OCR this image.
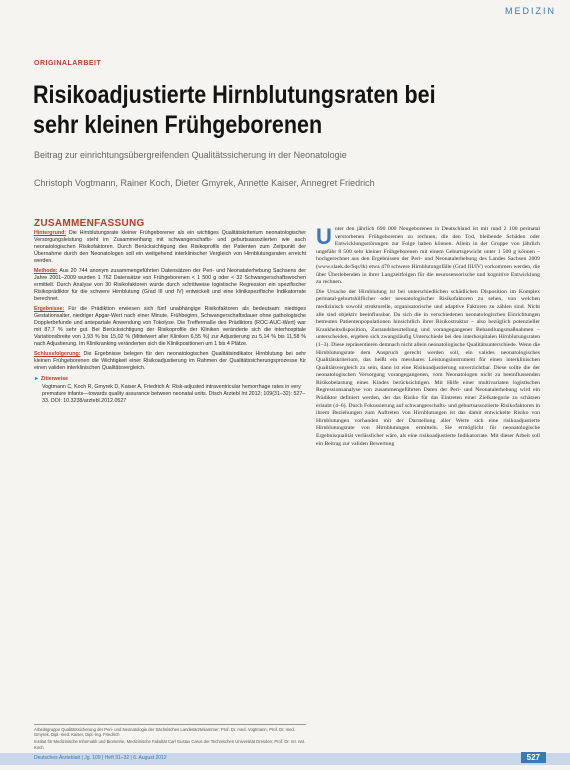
MEDIZIN
ORIGINALARBEIT
Risikoadjustierte Hirnblutungsraten bei sehr kleinen Frühgeborenen
Beitrag zur einrichtungsübergreifenden Qualitätssicherung in der Neonatologie
Christoph Vogtmann, Rainer Koch, Dieter Gmyrek, Annette Kaiser, Annegret Friedrich
ZUSAMMENFASSUNG

Hintergrund: Die Hirnblutungsrate kleiner Frühgeborener als ein wichtiges Qualitätskriterium neonatologischer Versorgungsleistung steht im Zusammenhang mit schwangerschafts- und geburtsassoziierten wie auch neonatologischen Risikofaktoren. Durch Berücksichtigung des Risikoprofils der Patienten zum Zeitpunkt der Übernahme durch den Neonatologen soll ein weitgehend interklinischer Vergleich von Hirnblutungsraten erreicht werden.

Methode: Aus 20 744 anonym zusammengeführten Datensätzen der Peri- und Neonatalerhebung Sachsens der Jahre 2001–2009 wurden 1 762 Datensätze von Frühgeborenen < 1 500 g oder < 32 Schwangerschaftswochen ermittelt. Durch Analyse von 30 Risikofaktoren wurde durch schrittweise logistische Regression ein spezifischer Risikoprädiktor für die schwere Hirnblutung (Grad III und IV) entwickelt und eine klinikspezifische Indikatorrate berechnet.

Ergebnisse: Für die Prädiktion erwiesen sich fünf unabhängige Risikofaktoren als bedeutsam: niedriges Gestationsalter, niedriger Apgar-Wert nach einer Minute, Frühbeginn, Schwangerschaftsdauer ohne pathologische Dopplerbefunde und antepartale Anwendung von Tokolyse. Die Treffermaße des Prädiktors (ROC-AUC-Wert) war mit 87,7 % sehr gut. Bei Berücksichtigung der Risikoprofile der Kliniken veränderte sich die interhospitale Variationsbreite von 1,93 % bis 15,02 % (Mittelwert aller Kliniken 6,55 %) zur Adjustierung zu 5,14 % bis 11,58 % nach Adjustierung. Im Klinikranking veränderten sich die Klinikpositionen um 1 bis 4 Plätze.

Schlussfolgerung: Die Ergebnisse belegen für den neonatologischen Qualitätsindikator Hirnblutung bei sehr kleinen Frühgeborenen die Wichtigkeit einer Risikoadjustierung im Rahmen der Qualitätssicherungsprozesse für einen validen interklinischen Qualitätsvergleich.

► Zitierweise
Vogtmann C, Koch R, Gmyrek D, Kaiser A, Friedrich A: Risk-adjusted intraventricular hemorrhage rates in very premature infants—towards quality assurance between neonatal units. Dtsch Arztebl Int 2012; 109(31–32): 527–33. DOI: 10.3238/arztebl.2012.0527
U nter den jährlich 690 000 Neugeborenen in Deutschland ist mit rund 2 100 perinatal verstorbenen Frühgeborenen zu rechnen, die den Tod, bleibende Schäden oder Entwicklungsstörungen zur Folge haben können. Allein in der Gruppe von jährlich ungefähr 8 500 sehr kleiner Frühgeborenen mit einem Geburtsgewicht unter 1 500 g können – hochgerechnet aus den Ergebnissen der Peri- und Neonatalerhebung des Landes Sachsen 2009 (www.slaek.de/Sqs/lk) etwa 470 schwere Hirnblutungsfälle (Grad III/IV) vorkommen werden, die über Überlebenden in ihrer Langzeitfolgen für die neurosensorische und kognitive Entwicklung zu rechnen.

Die Ursache der Hirnblutung ist bei unterschiedlichen schädlichen Disposition im Komplex perinatal-geburtshilflicher oder neonatologischer Risikofaktoren zu sehen, von welchen medizinisch sowohl strukturelle, organisatorische und adaptive Faktoren zu zählen sind. Nicht alle sind objektiv beeinflussbar. Da sich die in verschiedenen neonatologischen Einrichtungen betreuten Patientenpopulationen hinsichtlich ihrer Risikostruktur – also bezüglich potenzieller Krankheitsdisposition, Zustandsbeurteilung und vorangegangener Behandlungsmaßnahmen – unterscheiden, ergeben sich zwangsläufig Unterschiede bei den interhospitalen Hirnblutungsraten (1–3). Diese repräsentieren demnach nicht allein neonatologische Qualitätsunterschiede. Wenn die Hirnblutungsrate dem Anspruch gerecht werden soll, ein valides neonatologisches Qualitätskriterium, das heißt ein messbares Leistungsinstrument für einen interklinischen Qualitätsvergleich zu sein, dann ist eine Risikoadjustierung unverzichtbar. Diese sollte die der neonatologischen Versorgung vorangegangenen, vom Neonatologen nicht zu beeinflussenden Risikobelastung eines Kindes berücksichtigen. Mit Hilfe einer multivariaten logistischen Regressionsanalyse von zusammengeführten Daten der Peri- und Neonatalerhebung wird ein Prädiktor definiert werden, der das Risiko für das Eintreten einer Zielkategorie zu schätzen erlaubt (4–6). Durch Fokussierung auf schwangerschafts- und geburtsassoziierte Risikofaktoren in ihrem Beziehungen zum Auftreten von Hirnblutungen ist das damit entwickelte Risiko von Hirnblutungen vorhanden mit der Darstellung aller Werte sich eine risikoadjustierte Hirnblutungsrate von Hirnblutungen ermitteln. Sie ermöglicht für neonatologische Ergebnisqualität verlässlicher wäre, als eine risikoadjustierte Indikatorrate. Mit dieser Arbeit soll ein Beitrag zur validen Bewertung

Arbeitsgruppe Qualitätssicherung der Peri- und Neonatologie der Sächsischen Landesärztekammer: Prof. Dr. med. Vogtmann, Prof. Dr. med. Gmyrek, Dipl.-med. Kaiser, Dipl.-Ing. Friedrich

Institut für Medizinische Informatik und Biometrie, Medizinische Fakultät Carl Gustav Carus der Technischen Universität Dresden: Prof. Dr. rer. nat. Koch

Deutsches Ärzteblatt | Jg. 109 | Heft 31–32 | 6. August 2012	527
